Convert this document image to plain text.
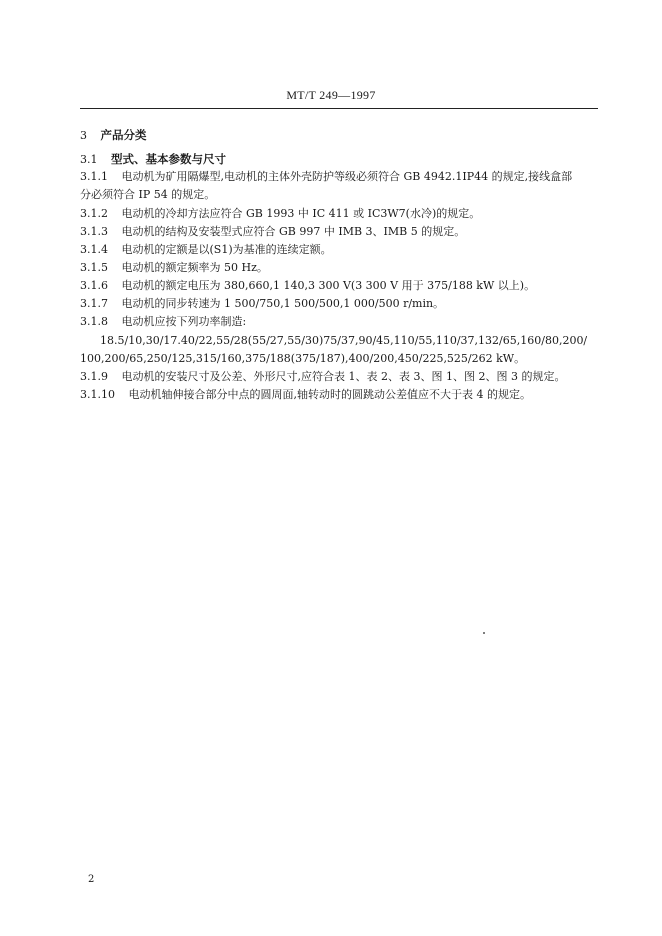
MT/T 249—1997
3 产品分类
3.1 型式、基本参数与尺寸
3.1.1 电动机为矿用隔爆型,电动机的主体外壳防护等级必须符合 GB 4942.1IP44 的规定,接线盒部
分必须符合 IP 54 的规定。
3.1.2 电动机的冷却方法应符合 GB 1993 中 IC 411 或 IC3W7(水冷)的规定。
3.1.3 电动机的结构及安装型式应符合 GB 997 中 IMB 3、IMB 5 的规定。
3.1.4 电动机的定额是以(S1)为基准的连续定额。
3.1.5 电动机的额定频率为 50 Hz。
3.1.6 电动机的额定电压为 380,660,1 140,3 300 V(3 300 V 用于 375/188 kW 以上)。
3.1.7 电动机的同步转速为 1 500/750,1 500/500,1 000/500 r/min。
3.1.8 电动机应按下列功率制造:
18.5/10,30/17.40/22,55/28(55/27,55/30)75/37,90/45,110/55,110/37,132/65,160/80,200/
100,200/65,250/125,315/160,375/188(375/187),400/200,450/225,525/262 kW。
3.1.9 电动机的安装尺寸及公差、外形尺寸,应符合表 1、表 2、表 3、图 1、图 2、图 3 的规定。
3.1.10 电动机轴伸接合部分中点的圆周面,轴转动时的圆跳动公差值应不大于表 4 的规定。
2
